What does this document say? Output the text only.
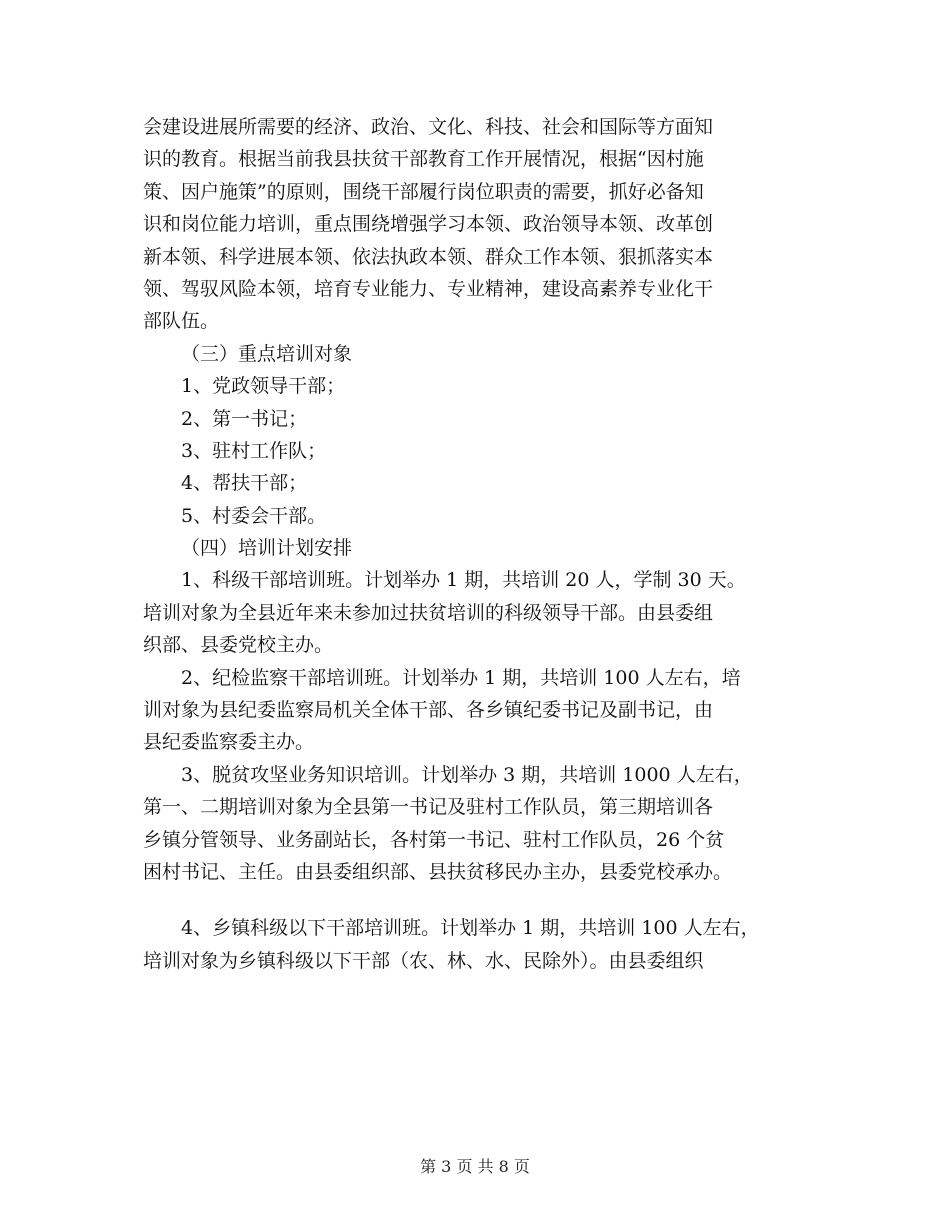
会建设进展所需要的经济、政治、文化、科技、社会和国际等方面知
识的教育。根据当前我县扶贫干部教育工作开展情况，根据“因村施
策、因户施策”的原则，围绕干部履行岗位职责的需要，抓好必备知
识和岗位能力培训，重点围绕增强学习本领、政治领导本领、改革创
新本领、科学进展本领、依法执政本领、群众工作本领、狠抓落实本
领、驾驭风险本领，培育专业能力、专业精神，建设高素养专业化干
部队伍。
（三）重点培训对象
1、党政领导干部；
2、第一书记；
3、驻村工作队；
4、帮扶干部；
5、村委会干部。
（四）培训计划安排
1、科级干部培训班。计划举办 1 期，共培训 20 人，学制 30 天。
培训对象为全县近年来未参加过扶贫培训的科级领导干部。由县委组
织部、县委党校主办。
2、纪检监察干部培训班。计划举办 1 期，共培训 100 人左右，培
训对象为县纪委监察局机关全体干部、各乡镇纪委书记及副书记，由
县纪委监察委主办。
3、脱贫攻坚业务知识培训。计划举办 3 期，共培训 1000 人左右，
第一、二期培训对象为全县第一书记及驻村工作队员，第三期培训各
乡镇分管领导、业务副站长，各村第一书记、驻村工作队员，26 个贫
困村书记、主任。由县委组织部、县扶贫移民办主办，县委党校承办。
4、乡镇科级以下干部培训班。计划举办 1 期，共培训 100 人左右，
培训对象为乡镇科级以下干部（农、林、水、民除外）。由县委组织
第 3 页 共 8 页
